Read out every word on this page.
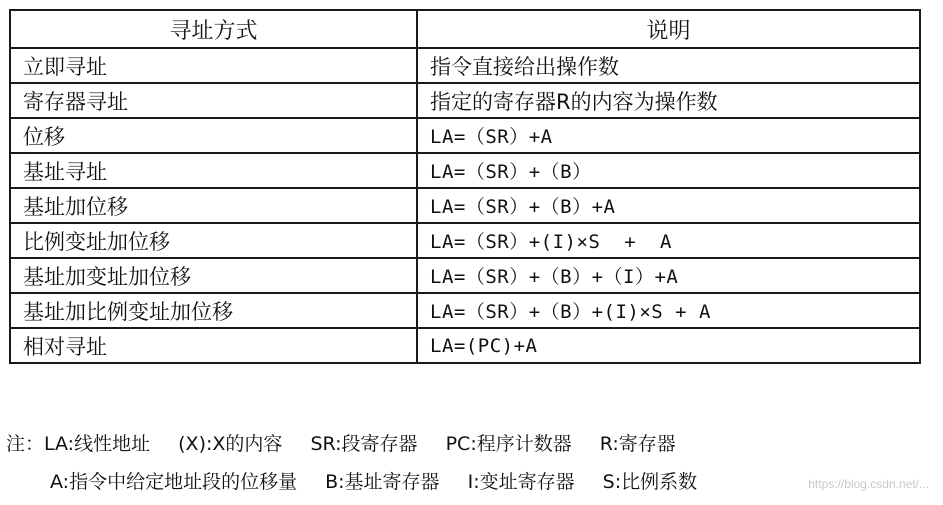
寻址方式	说明
立即寻址	指令直接给出操作数
寄存器寻址	指定的寄存器R的内容为操作数
位移	LA=（SR）+A
基址寻址	LA=（SR）+（B）
基址加位移	LA=（SR）+（B）+A
比例变址加位移	LA=（SR）+(I)×S  +  A
基址加变址加位移	LA=（SR）+（B）+（I）+A
基址加比例变址加位移	LA=（SR）+（B）+(I)×S + A
相对寻址	LA=(PC)+A
注：LA:线性地址 (X):X的内容 SR:段寄存器 PC:程序计数器 R:寄存器
A:指令中给定地址段的位移量 B:基址寄存器 I:变址寄存器 S:比例系数	https://blog.csdn.net/...
